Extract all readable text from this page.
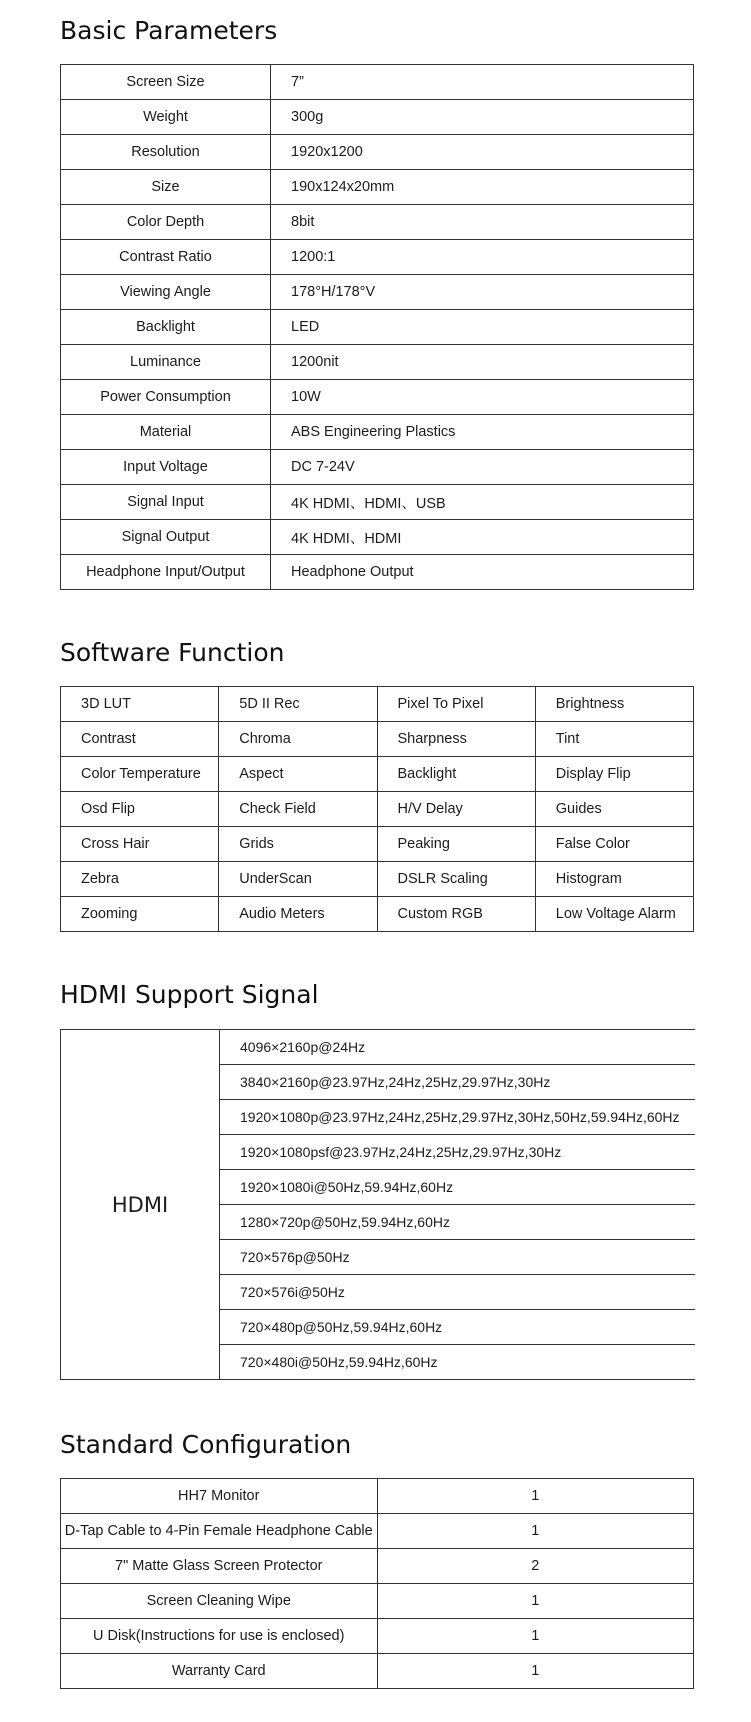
Basic Parameters
Screen Size	7”
Weight	300g
Resolution	1920x1200
Size	190x124x20mm
Color Depth	8bit
Contrast Ratio	1200:1
Viewing Angle	178°H/178°V
Backlight	LED
Luminance	1200nit
Power Consumption	10W
Material	ABS Engineering Plastics
Input Voltage	DC 7-24V
Signal Input	4K HDMI、HDMI、USB
Signal Output	4K HDMI、HDMI
Headphone Input/Output	Headphone Output
Software Function
3D LUT	5D II Rec	Pixel To Pixel	Brightness
Contrast	Chroma	Sharpness	Tint
Color Temperature	Aspect	Backlight	Display Flip
Osd Flip	Check Field	H/V Delay	Guides
Cross Hair	Grids	Peaking	False Color
Zebra	UnderScan	DSLR Scaling	Histogram
Zooming	Audio Meters	Custom RGB	Low Voltage Alarm
HDMI Support Signal
HDMI	4096×2160p@24Hz
3840×2160p@23.97Hz,24Hz,25Hz,29.97Hz,30Hz
1920×1080p@23.97Hz,24Hz,25Hz,29.97Hz,30Hz,50Hz,59.94Hz,60Hz
1920×1080psf@23.97Hz,24Hz,25Hz,29.97Hz,30Hz
1920×1080i@50Hz,59.94Hz,60Hz
1280×720p@50Hz,59.94Hz,60Hz
720×576p@50Hz
720×576i@50Hz
720×480p@50Hz,59.94Hz,60Hz
720×480i@50Hz,59.94Hz,60Hz
Standard Configuration
HH7 Monitor	1
D-Tap Cable to 4-Pin Female Headphone Cable	1
7" Matte Glass Screen Protector	2
Screen Cleaning Wipe	1
U Disk(Instructions for use is enclosed)	1
Warranty Card	1
